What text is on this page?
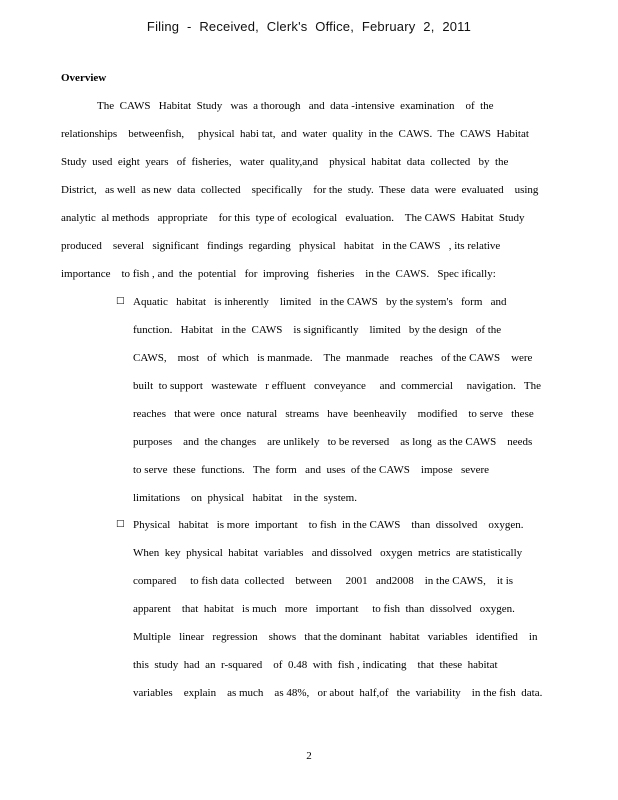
Filing - Received, Clerk's Office, February 2, 2011
Overview
The  CAWS   Habitat  Study   was  a thorough   and  data -intensive  examination    of  the
relationships    betweenfish,     physical  habi tat,  and  water  quality  in the  CAWS.  The  CAWS  Habitat
Study  used  eight  years   of  fisheries,   water  quality,and    physical  habitat  data  collected   by  the
District,   as well  as new  data  collected    specifically    for the  study.  These  data  were  evaluated    using
analytic  al methods   appropriate    for this  type of  ecological   evaluation.    The CAWS  Habitat  Study
produced    several   significant   findings  regarding   physical   habitat   in the CAWS   , its relative
importance    to fish , and  the  potential   for  improving   fisheries    in the  CAWS.   Spec ifically:
□ Aquatic   habitat   is inherently    limited   in the CAWS   by the system's   form   and
function.   Habitat   in the  CAWS    is significantly    limited   by the design   of the
CAWS,    most   of  which   is manmade.    The  manmade    reaches   of the CAWS    were
built  to support   wastewate   r effluent   conveyance     and  commercial     navigation.   The
reaches   that were  once  natural   streams   have  beenheavily    modified    to serve   these
purposes    and  the changes    are unlikely   to be reversed    as long  as the CAWS    needs
to serve  these  functions.   The  form   and  uses  of the CAWS    impose   severe
limitations    on  physical   habitat    in the  system.
□ Physical   habitat   is more  important    to fish  in the CAWS    than  dissolved    oxygen.
When  key  physical  habitat  variables   and dissolved   oxygen  metrics  are statistically
compared     to fish data  collected    between     2001   and2008    in the CAWS,    it is
apparent    that  habitat   is much   more   important     to fish  than  dissolved   oxygen.
Multiple   linear   regression    shows   that the dominant   habitat   variables   identified    in
this  study  had  an  r-squared    of  0.48  with  fish , indicating    that  these  habitat
variables    explain    as much    as 48%,   or about  half,of   the  variability    in the fish  data.
2
